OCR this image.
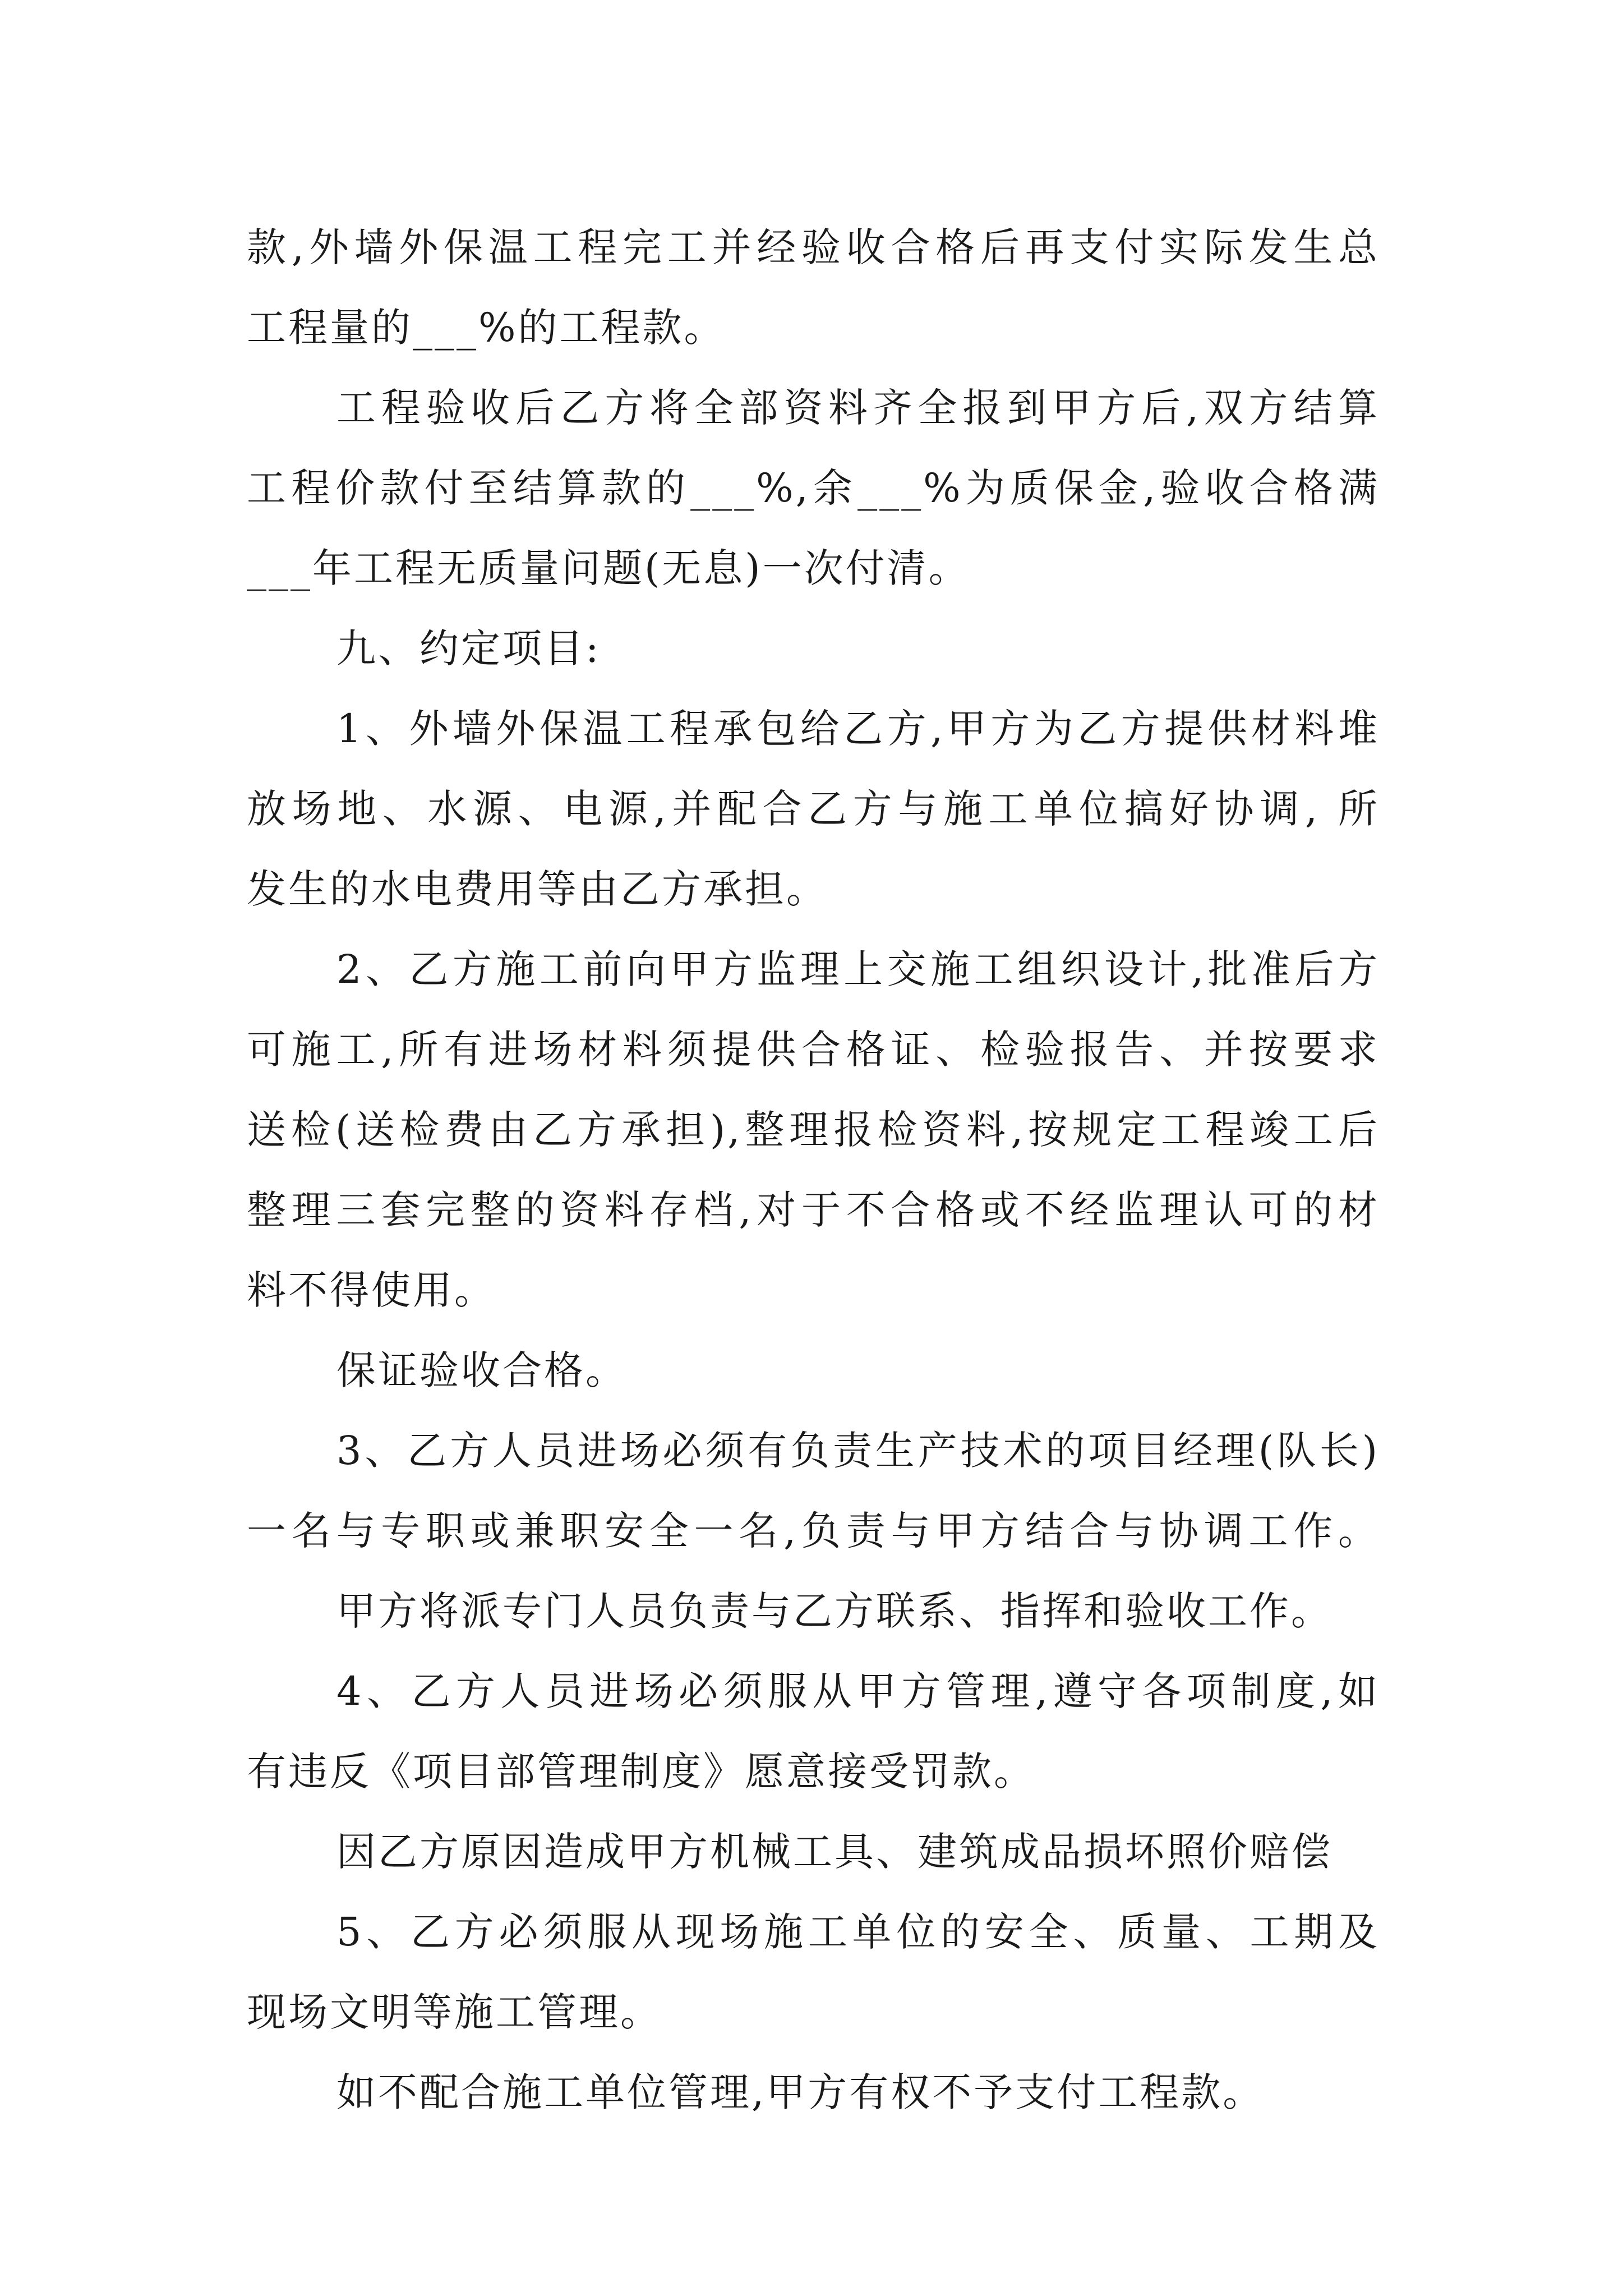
款,外墙外保温工程完工并经验收合格后再支付实际发生总
工程量的___%的工程款。
工程验收后乙方将全部资料齐全报到甲方后,双方结算
工程价款付至结算款的___%,余___%为质保金,验收合格满
___年工程无质量问题(无息)一次付清。
九、约定项目:
1、外墙外保温工程承包给乙方,甲方为乙方提供材料堆
放场地、水源、电源,并配合乙方与施工单位搞好协调, 所
发生的水电费用等由乙方承担。
2、乙方施工前向甲方监理上交施工组织设计,批准后方
可施工,所有进场材料须提供合格证、检验报告、并按要求
送检(送检费由乙方承担),整理报检资料,按规定工程竣工后
整理三套完整的资料存档,对于不合格或不经监理认可的材
料不得使用。
保证验收合格。
3、乙方人员进场必须有负责生产技术的项目经理(队长)
一名与专职或兼职安全一名,负责与甲方结合与协调工作。
甲方将派专门人员负责与乙方联系、指挥和验收工作。
4、乙方人员进场必须服从甲方管理,遵守各项制度,如
有违反《项目部管理制度》愿意接受罚款。
因乙方原因造成甲方机械工具、建筑成品损坏照价赔偿
5、乙方必须服从现场施工单位的安全、质量、工期及
现场文明等施工管理。
如不配合施工单位管理,甲方有权不予支付工程款。
